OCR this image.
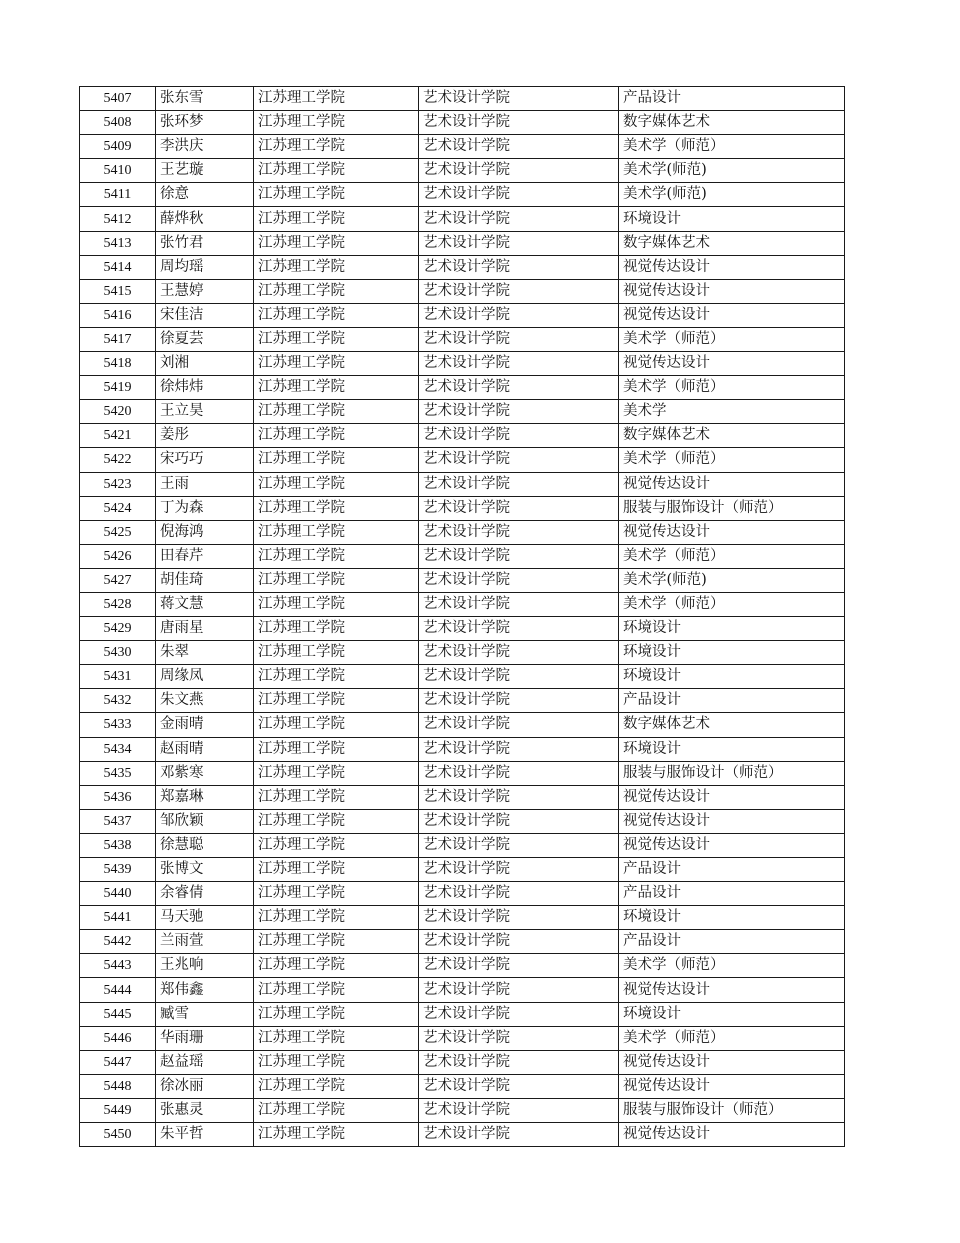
5407	张东雪	江苏理工学院	艺术设计学院	产品设计
5408	张环梦	江苏理工学院	艺术设计学院	数字媒体艺术
5409	李洪庆	江苏理工学院	艺术设计学院	美术学（师范）
5410	王艺璇	江苏理工学院	艺术设计学院	美术学(师范)
5411	徐意	江苏理工学院	艺术设计学院	美术学(师范)
5412	薛烨秋	江苏理工学院	艺术设计学院	环境设计
5413	张竹君	江苏理工学院	艺术设计学院	数字媒体艺术
5414	周均瑶	江苏理工学院	艺术设计学院	视觉传达设计
5415	王慧婷	江苏理工学院	艺术设计学院	视觉传达设计
5416	宋佳洁	江苏理工学院	艺术设计学院	视觉传达设计
5417	徐夏芸	江苏理工学院	艺术设计学院	美术学（师范）
5418	刘湘	江苏理工学院	艺术设计学院	视觉传达设计
5419	徐炜炜	江苏理工学院	艺术设计学院	美术学（师范）
5420	王立昊	江苏理工学院	艺术设计学院	美术学
5421	姜彤	江苏理工学院	艺术设计学院	数字媒体艺术
5422	宋巧巧	江苏理工学院	艺术设计学院	美术学（师范）
5423	王雨	江苏理工学院	艺术设计学院	视觉传达设计
5424	丁为森	江苏理工学院	艺术设计学院	服装与服饰设计（师范）
5425	倪海鸿	江苏理工学院	艺术设计学院	视觉传达设计
5426	田春芹	江苏理工学院	艺术设计学院	美术学（师范）
5427	胡佳琦	江苏理工学院	艺术设计学院	美术学(师范)
5428	蒋文慧	江苏理工学院	艺术设计学院	美术学（师范）
5429	唐雨星	江苏理工学院	艺术设计学院	环境设计
5430	朱翠	江苏理工学院	艺术设计学院	环境设计
5431	周缘凤	江苏理工学院	艺术设计学院	环境设计
5432	朱文燕	江苏理工学院	艺术设计学院	产品设计
5433	金雨晴	江苏理工学院	艺术设计学院	数字媒体艺术
5434	赵雨晴	江苏理工学院	艺术设计学院	环境设计
5435	邓紫寒	江苏理工学院	艺术设计学院	服装与服饰设计（师范）
5436	郑嘉琳	江苏理工学院	艺术设计学院	视觉传达设计
5437	邹欣颖	江苏理工学院	艺术设计学院	视觉传达设计
5438	徐慧聪	江苏理工学院	艺术设计学院	视觉传达设计
5439	张博文	江苏理工学院	艺术设计学院	产品设计
5440	余睿倩	江苏理工学院	艺术设计学院	产品设计
5441	马天驰	江苏理工学院	艺术设计学院	环境设计
5442	兰雨萱	江苏理工学院	艺术设计学院	产品设计
5443	王兆响	江苏理工学院	艺术设计学院	美术学（师范）
5444	郑伟鑫	江苏理工学院	艺术设计学院	视觉传达设计
5445	臧雪	江苏理工学院	艺术设计学院	环境设计
5446	华雨珊	江苏理工学院	艺术设计学院	美术学（师范）
5447	赵益瑶	江苏理工学院	艺术设计学院	视觉传达设计
5448	徐冰丽	江苏理工学院	艺术设计学院	视觉传达设计
5449	张惠灵	江苏理工学院	艺术设计学院	服装与服饰设计（师范）
5450	朱平哲	江苏理工学院	艺术设计学院	视觉传达设计
